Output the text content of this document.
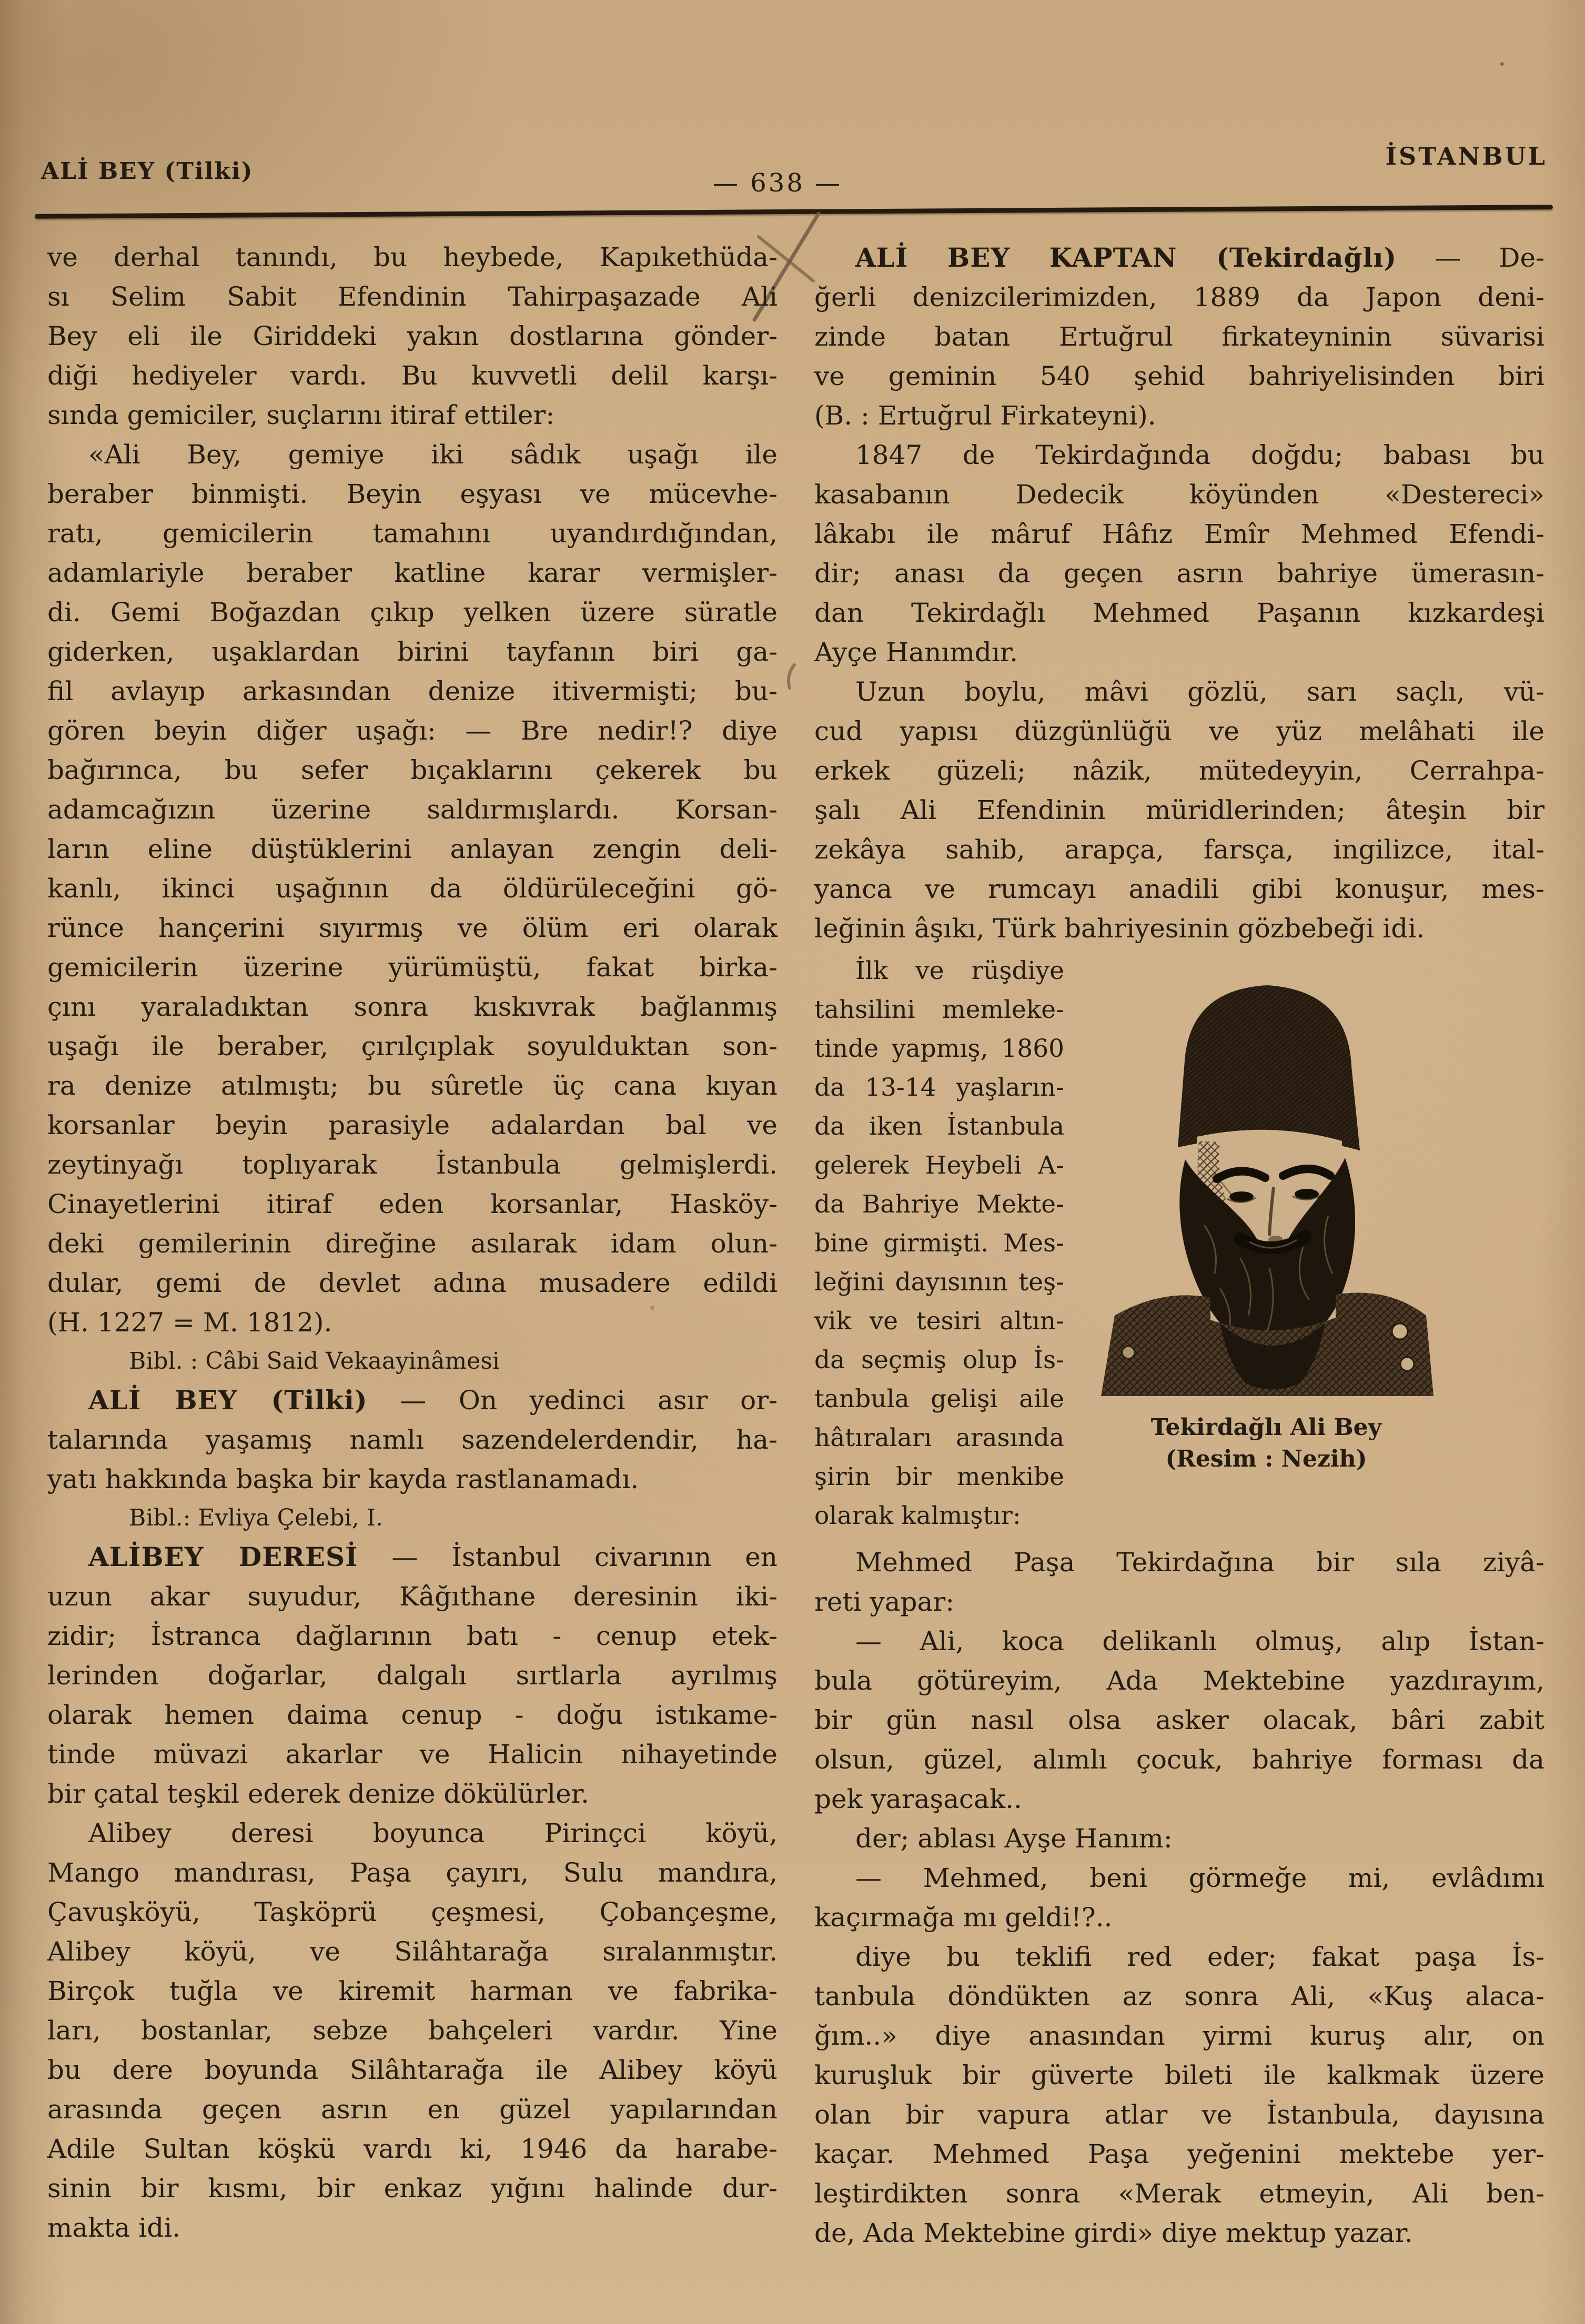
ALİ BEY (Tilki)	— 638 —
İSTANBUL
ve derhal tanındı, bu heybede, Kapıkethüda-
sı Selim Sabit Efendinin Tahirpaşazade Ali
Bey eli ile Giriddeki yakın dostlarına gönder-
diği hediyeler vardı. Bu kuvvetli delil karşı-
sında gemiciler, suçlarını itiraf ettiler:
«Ali Bey, gemiye iki sâdık uşağı ile
beraber binmişti. Beyin eşyası ve mücevhe-
ratı, gemicilerin tamahını uyandırdığından,
adamlariyle beraber katline karar vermişler-
di. Gemi Boğazdan çıkıp yelken üzere süratle
giderken, uşaklardan birini tayfanın biri ga-
fil avlayıp arkasından denize itivermişti; bu-
gören beyin diğer uşağı: — Bre nedir!? diye
bağırınca, bu sefer bıçaklarını çekerek bu
adamcağızın üzerine saldırmışlardı. Korsan-
ların eline düştüklerini anlayan zengin deli-
kanlı, ikinci uşağının da öldürüleceğini gö-
rünce hançerini sıyırmış ve ölüm eri olarak
gemicilerin üzerine yürümüştü, fakat birka-
çını yaraladıktan sonra kıskıvrak bağlanmış
uşağı ile beraber, çırılçıplak soyulduktan son-
ra denize atılmıştı; bu sûretle üç cana kıyan
korsanlar beyin parasiyle adalardan bal ve
zeytinyağı toplıyarak İstanbula gelmişlerdi.
Cinayetlerini itiraf eden korsanlar, Hasköy-
deki gemilerinin direğine asılarak idam olun-
dular, gemi de devlet adına musadere edildi
(H. 1227 = M. 1812).
Bibl. : Câbi Said Vekaayinâmesi
ALİ BEY (Tilki) — On yedinci asır or-
talarında yaşamış namlı sazendelerdendir, ha-
yatı hakkında başka bir kayda rastlanamadı.
Bibl.: Evliya Çelebi, I.
ALİBEY DERESİ — İstanbul civarının en
uzun akar suyudur, Kâğıthane deresinin iki-
zidir; İstranca dağlarının batı - cenup etek-
lerinden doğarlar, dalgalı sırtlarla ayrılmış
olarak hemen daima cenup - doğu istıkame-
tinde müvazi akarlar ve Halicin nihayetinde
bir çatal teşkil ederek denize dökülürler.
Alibey deresi boyunca Pirinçci köyü,
Mango mandırası, Paşa çayırı, Sulu mandıra,
Çavuşköyü, Taşköprü çeşmesi, Çobançeşme,
Alibey köyü, ve Silâhtarağa sıralanmıştır.
Birçok tuğla ve kiremit harman ve fabrika-
ları, bostanlar, sebze bahçeleri vardır. Yine
bu dere boyunda Silâhtarağa ile Alibey köyü
arasında geçen asrın en güzel yapılarından
Adile Sultan köşkü vardı ki, 1946 da harabe-
sinin bir kısmı, bir enkaz yığını halinde dur-
makta idi.
ALİ BEY KAPTAN (Tekirdağlı) — De-
ğerli denizcilerimizden, 1889 da Japon deni-
zinde batan Ertuğrul firkateyninin süvarisi
ve geminin 540 şehid bahriyelisinden biri
(B. : Ertuğrul Firkateyni).
1847 de Tekirdağında doğdu; babası bu
kasabanın Dedecik köyünden «Destereci»
lâkabı ile mâruf Hâfız Emîr Mehmed Efendi-
dir; anası da geçen asrın bahriye ümerasın-
dan Tekirdağlı Mehmed Paşanın kızkardeşi
Ayçe Hanımdır.
Uzun boylu, mâvi gözlü, sarı saçlı, vü-
cud yapısı düzgünlüğü ve yüz melâhati ile
erkek güzeli; nâzik, mütedeyyin, Cerrahpa-
şalı Ali Efendinin müridlerinden; âteşin bir
zekâya sahib, arapça, farsça, ingilizce, ital-
yanca ve rumcayı anadili gibi konuşur, mes-
leğinin âşıkı, Türk bahriyesinin gözbebeği idi.
İlk ve rüşdiye
tahsilini memleke-
tinde yapmış, 1860
da 13-14 yaşların-
da iken İstanbula
gelerek Heybeli A-
da Bahriye Mekte-
bine girmişti. Mes-
leğini dayısının teş-
vik ve tesiri altın-
da seçmiş olup İs-
tanbula gelişi aile
hâtıraları arasında
şirin bir menkibe
olarak kalmıştır:
Tekirdağlı Ali Bey
(Resim : Nezih)
Mehmed Paşa Tekirdağına bir sıla ziyâ-
reti yapar:
— Ali, koca delikanlı olmuş, alıp İstan-
bula götüreyim, Ada Mektebine yazdırayım,
bir gün nasıl olsa asker olacak, bâri zabit
olsun, güzel, alımlı çocuk, bahriye forması da
pek yaraşacak..
der; ablası Ayşe Hanım:
— Mehmed, beni görmeğe mi, evlâdımı
kaçırmağa mı geldi!?..
diye bu teklifi red eder; fakat paşa İs-
tanbula döndükten az sonra Ali, «Kuş alaca-
ğım..» diye anasından yirmi kuruş alır, on
kuruşluk bir güverte bileti ile kalkmak üzere
olan bir vapura atlar ve İstanbula, dayısına
kaçar. Mehmed Paşa yeğenini mektebe yer-
leştirdikten sonra «Merak etmeyin, Ali ben-
de, Ada Mektebine girdi» diye mektup yazar.
